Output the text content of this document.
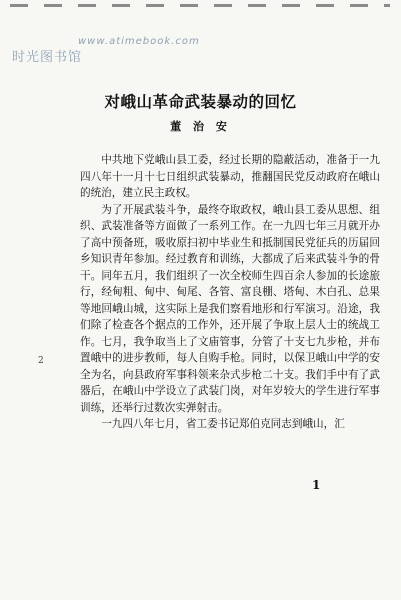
时光图书馆
www.atimebook.com
对峨山革命武装暴动的回忆
董 治 安

中共地下党峨山县工委，经过长期的隐蔽活动，准备于一九四八年十一月十七日组织武装暴动，推翻国民党反动政府在峨山的统治，建立民主政权。

为了开展武装斗争，最终夺取政权，峨山县工委从思想、组织、武装准备等方面做了一系列工作。在一九四七年三月就开办了高中预备班，吸收原扫初中毕业生和抵制国民党征兵的历届回乡知识青年参加。经过教育和训练，大都成了后来武装斗争的骨干。同年五月，我们组织了一次全校师生四百余人参加的长途旅行，经甸粗、甸中、甸尾、各管、富良棚、塔甸、木白孔、总果等地回峨山城，这实际上是我们察看地形和行军演习。沿途，我们除了检查各个据点的工作外，还开展了争取上层人士的统战工作。七月，我争取当上了文庙管事，分管了十支七九步枪，并布置峨中的进步教师，每人自购手枪。同时，以保卫峨山中学的安全为名，向县政府军事科领来杂式步枪二十支。我们手中有了武器后，在峨山中学设立了武装门岗，对年岁较大的学生进行军事训练，还举行过数次实弹射击。

一九四八年七月，省工委书记郑伯克同志到峨山，汇

2
1
